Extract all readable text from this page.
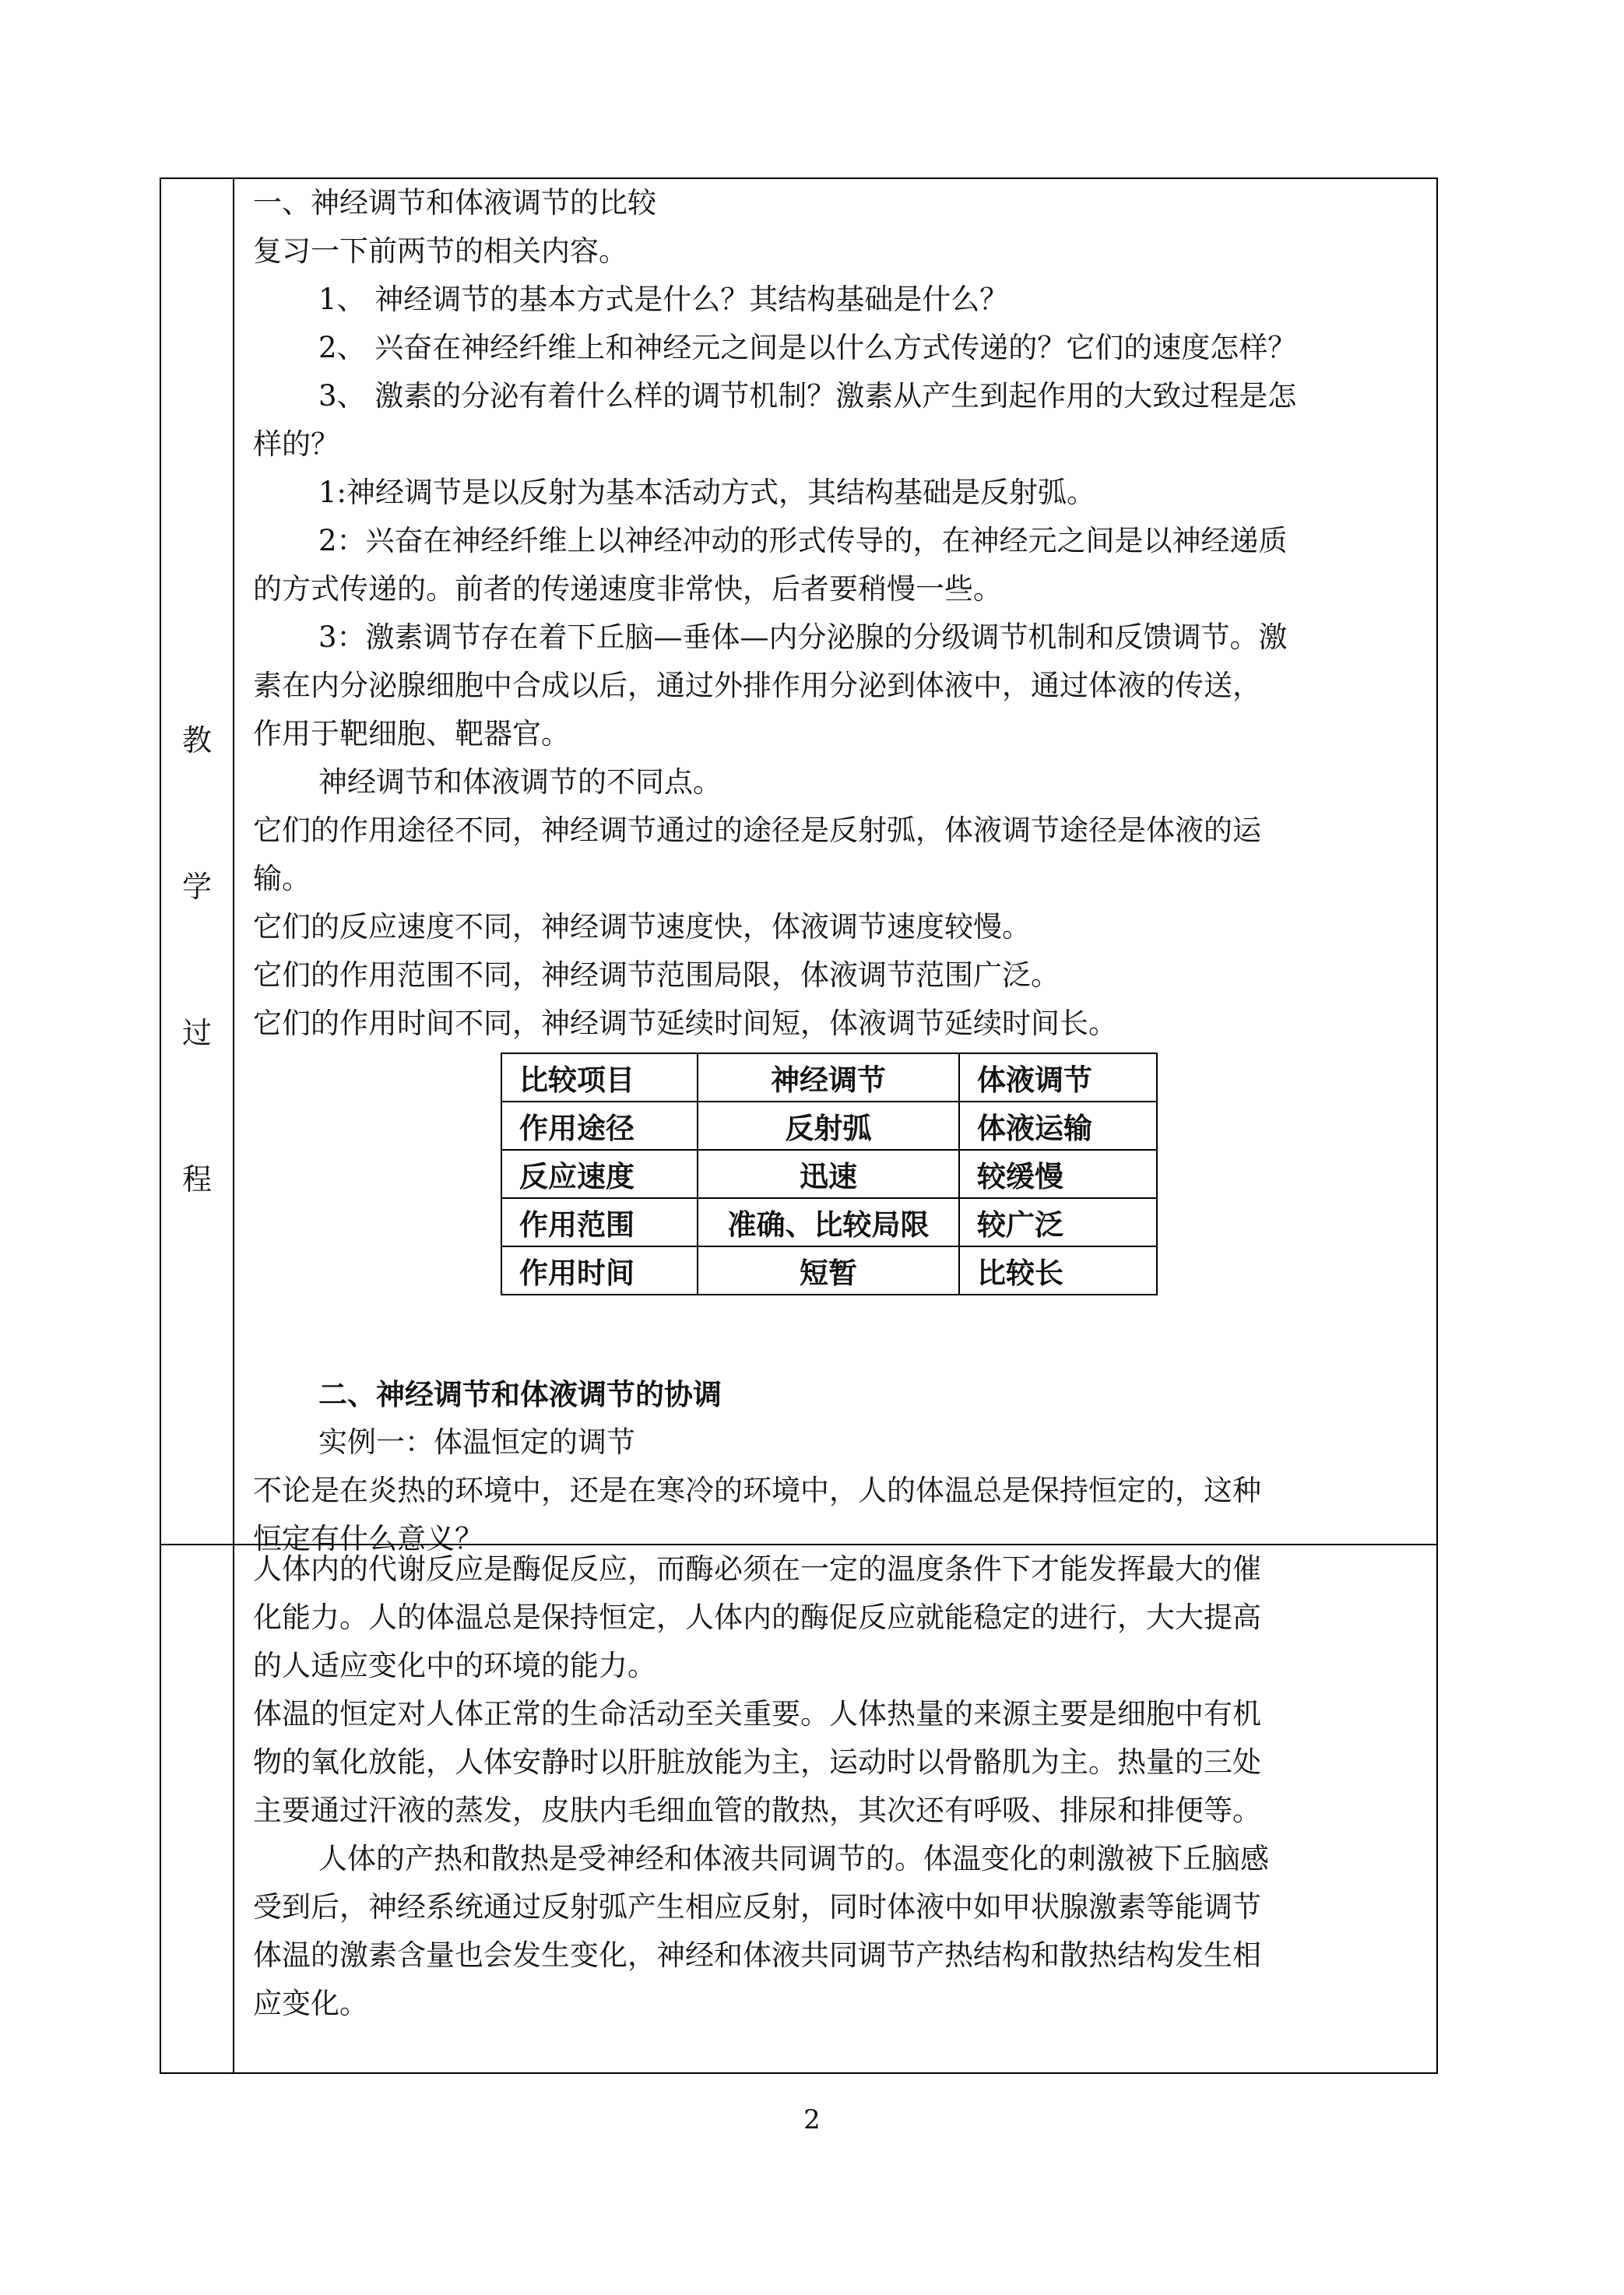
教
学
过
程

一、神经调节和体液调节的比较

复习一下前两节的相关内容。

1、 神经调节的基本方式是什么？其结构基础是什么？

2、 兴奋在神经纤维上和神经元之间是以什么方式传递的？它们的速度怎样？

3、 激素的分泌有着什么样的调节机制？激素从产生到起作用的大致过程是怎

样的？

1:神经调节是以反射为基本活动方式，其结构基础是反射弧。

2：兴奋在神经纤维上以神经冲动的形式传导的，在神经元之间是以神经递质

的方式传递的。前者的传递速度非常快，后者要稍慢一些。

3：激素调节存在着下丘脑—垂体—内分泌腺的分级调节机制和反馈调节。激

素在内分泌腺细胞中合成以后，通过外排作用分泌到体液中，通过体液的传送，

作用于靶细胞、靶器官。

神经调节和体液调节的不同点。

它们的作用途径不同，神经调节通过的途径是反射弧，体液调节途径是体液的运

输。

它们的反应速度不同，神经调节速度快，体液调节速度较慢。

它们的作用范围不同，神经调节范围局限，体液调节范围广泛。

它们的作用时间不同，神经调节延续时间短，体液调节延续时间长。

比较项目	神经调节	体液调节
作用途径	反射弧	体液运输
反应速度	迅速	较缓慢
作用范围	准确、比较局限	较广泛
作用时间	短暂	比较长

二、神经调节和体液调节的协调

实例一：体温恒定的调节

不论是在炎热的环境中，还是在寒冷的环境中，人的体温总是保持恒定的，这种

恒定有什么意义？

人体内的代谢反应是酶促反应，而酶必须在一定的温度条件下才能发挥最大的催

化能力。人的体温总是保持恒定，人体内的酶促反应就能稳定的进行，大大提高

的人适应变化中的环境的能力。

体温的恒定对人体正常的生命活动至关重要。人体热量的来源主要是细胞中有机

物的氧化放能，人体安静时以肝脏放能为主，运动时以骨骼肌为主。热量的三处

主要通过汗液的蒸发，皮肤内毛细血管的散热，其次还有呼吸、排尿和排便等。

人体的产热和散热是受神经和体液共同调节的。体温变化的刺激被下丘脑感

受到后，神经系统通过反射弧产生相应反射，同时体液中如甲状腺激素等能调节

体温的激素含量也会发生变化，神经和体液共同调节产热结构和散热结构发生相

应变化。

2
